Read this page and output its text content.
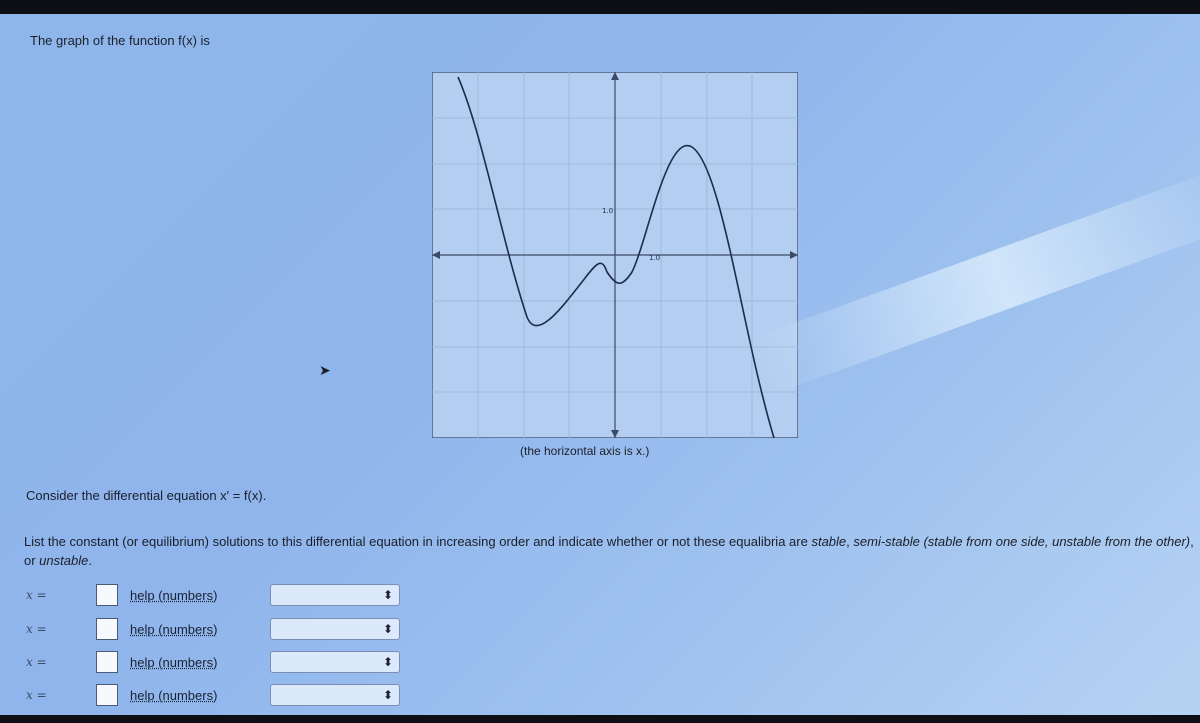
The graph of the function f(x) is
1.0
1.0
(the horizontal axis is x.)
➤
Consider the differential equation x′ = f(x).
List the constant (or equilibrium) solutions to this differential equation in increasing order and indicate whether or not these equalibria are stable, semi-stable (stable from one side, unstable from the other), or unstable.
x =	help (numbers)	⬍
x =	help (numbers)	⬍
x =	help (numbers)	⬍
x =	help (numbers)	⬍
